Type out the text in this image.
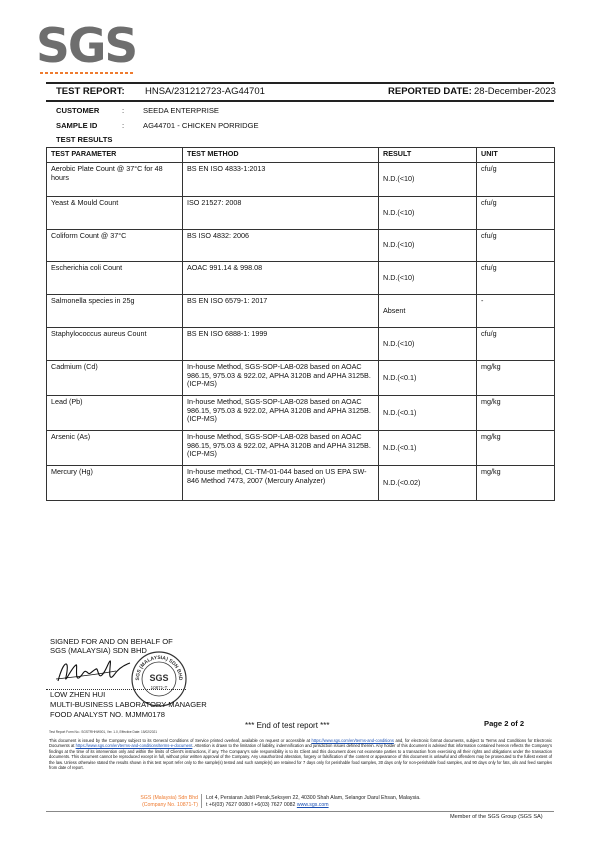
SGS
TEST REPORT: HNSA/231212723-AG44701	REPORTED DATE: 28-December-2023
CUSTOMER	: SEEDA ENTERPRISE
SAMPLE ID	: AG44701 - CHICKEN PORRIDGE
TEST RESULTS
TEST PARAMETER	TEST METHOD	RESULT	UNIT
Aerobic Plate Count @ 37°C for 48 hours	BS EN ISO 4833-1:2013	N.D.(<10)	cfu/g
Yeast & Mould Count	ISO 21527: 2008	N.D.(<10)	cfu/g
Coliform Count @ 37°C	BS ISO 4832: 2006	N.D.(<10)	cfu/g
Escherichia coli Count	AOAC 991.14 & 998.08	N.D.(<10)	cfu/g
Salmonella species in 25g	BS EN ISO 6579-1: 2017	Absent	-
Staphylococcus aureus Count	BS EN ISO 6888-1: 1999	N.D.(<10)	cfu/g
Cadmium (Cd)	In-house Method, SGS-SOP-LAB-028 based on AOAC 986.15, 975.03 & 922.02, APHA 3120B and APHA 3125B. (ICP-MS)	N.D.(<0.1)	mg/kg
Lead (Pb)	In-house Method, SGS-SOP-LAB-028 based on AOAC 986.15, 975.03 & 922.02, APHA 3120B and APHA 3125B. (ICP-MS)	N.D.(<0.1)	mg/kg
Arsenic (As)	In-house Method, SGS-SOP-LAB-028 based on AOAC 986.15, 975.03 & 922.02, APHA 3120B and APHA 3125B. (ICP-MS)	N.D.(<0.1)	mg/kg
Mercury (Hg)	In-house method, CL-TM-01-044 based on US EPA SW-846 Method 7473, 2007 (Mercury Analyzer)	N.D.(<0.02)	mg/kg
SIGNED FOR AND ON BEHALF OF
SGS (MALAYSIA) SDN BHD
SGS (MALAYSIA) SDN BHD
SGS
10871-T
LOW ZHEN HUI
MULTI-BUSINESS LABORATORY MANAGER
FOOD ANALYST NO. MJMM0178
*** End of test report ***	Page 2 of 2
Test Report Form No.: SGSTRHHW001, Ver. 1.0, Effective Date: 15/02/2021
This document is issued by the Company subject to its General Conditions of Service printed overleaf, available on request or accessible at https://www.sgs.com/en/terms-and-conditions and, for electronic format documents, subject to Terms and Conditions for Electronic Documents at https://www.sgs.com/en/terms-and-conditions/terms-e-document. Attention is drawn to the limitation of liability, indemnification and jurisdiction issues defined therein. Any holder of this document is advised that information contained hereon reflects the Company's findings at the time of its intervention only and within the limits of Client's instructions, if any. The Company's sole responsibility is to its Client and this document does not exonerate parties to a transaction from exercising all their rights and obligations under the transaction documents. This document cannot be reproduced except in full, without prior written approval of the Company. Any unauthorized alteration, forgery or falsification of the content or appearance of this document is unlawful and offenders may be prosecuted to the fullest extent of the law. Unless otherwise stated the results shown in this test report refer only to the sample(s) tested and such sample(s) are retained for 7 days only for perishable food samples, 30 days only for non-perishable food samples, and 90 days only for fats, oils and feed samples from date of report.
SGS (Malaysia) Sdn Bhd
(Company No. 10871-T)
Lot 4, Persiaran Jubli Perak,Seksyen 22, 40300 Shah Alam, Selangor Darul Ehsan, Malaysia.
t +6(03) 7627 0080 f +6(03) 7627 0082 www.sgs.com
Member of the SGS Group (SGS SA)
